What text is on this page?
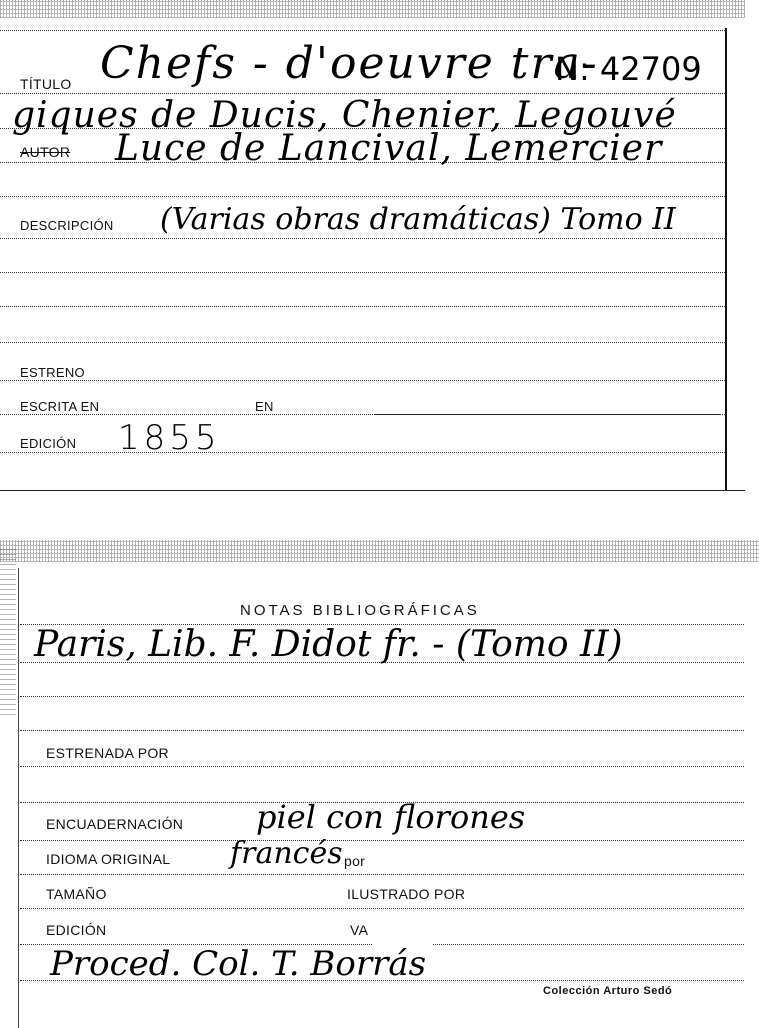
TÍTULO Chefs - d'oeuvre tra-
N: 42709
giques de Ducis, Chenier, Legouvé
AUTOR Luce de Lancival, Lemercier
DESCRIPCIÓN (Varias obras dramáticas) Tomo II
ESTRENO
ESCRITA EN	EN
EDICIÓN 1855
NOTAS BIBLIOGRÁFICAS
Paris, Lib. F. Didot fr. - (Tomo II)
ESTRENADA POR
ENCUADERNACIÓN piel con florones
IDIOMA ORIGINAL francés por
TAMAÑO	ILUSTRADO POR
EDICIÓN	VA
Proced. Col. T. Borrás
Colección Arturo Sedó
